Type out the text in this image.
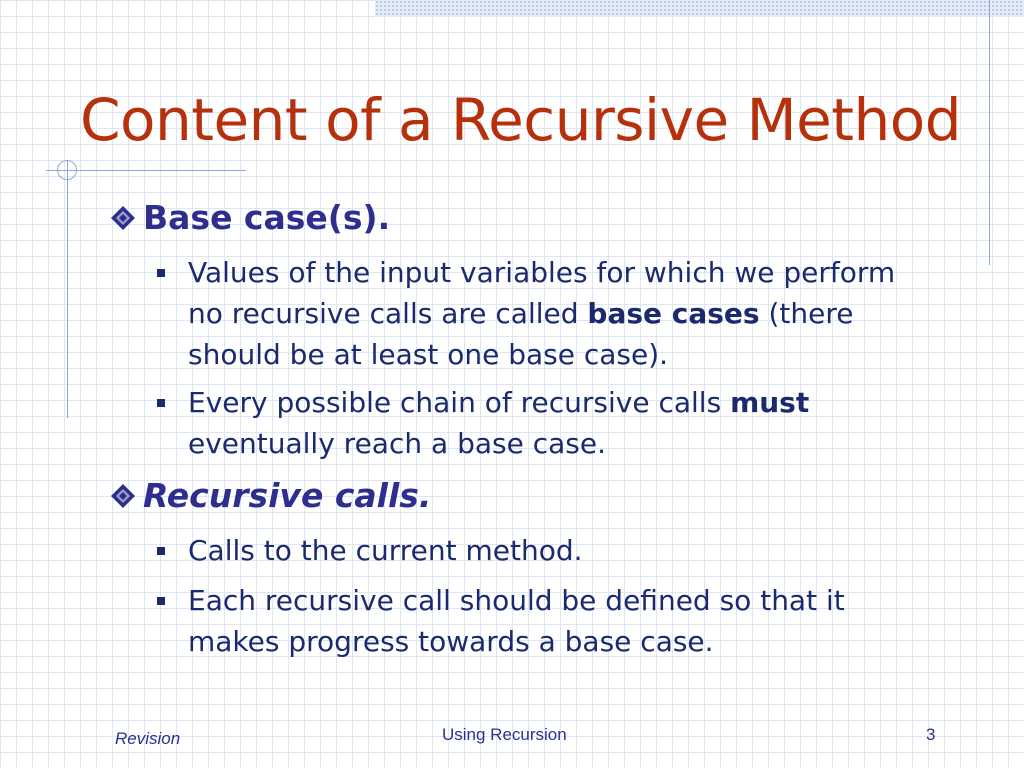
Content of a Recursive Method
Base case(s).
Values of the input variables for which we perform
no recursive calls are called base cases (there
should be at least one base case).
Every possible chain of recursive calls must
eventually reach a base case.
Recursive calls.
Calls to the current method.
Each recursive call should be defined so that it
makes progress towards a base case.
Revision	Using Recursion	3
